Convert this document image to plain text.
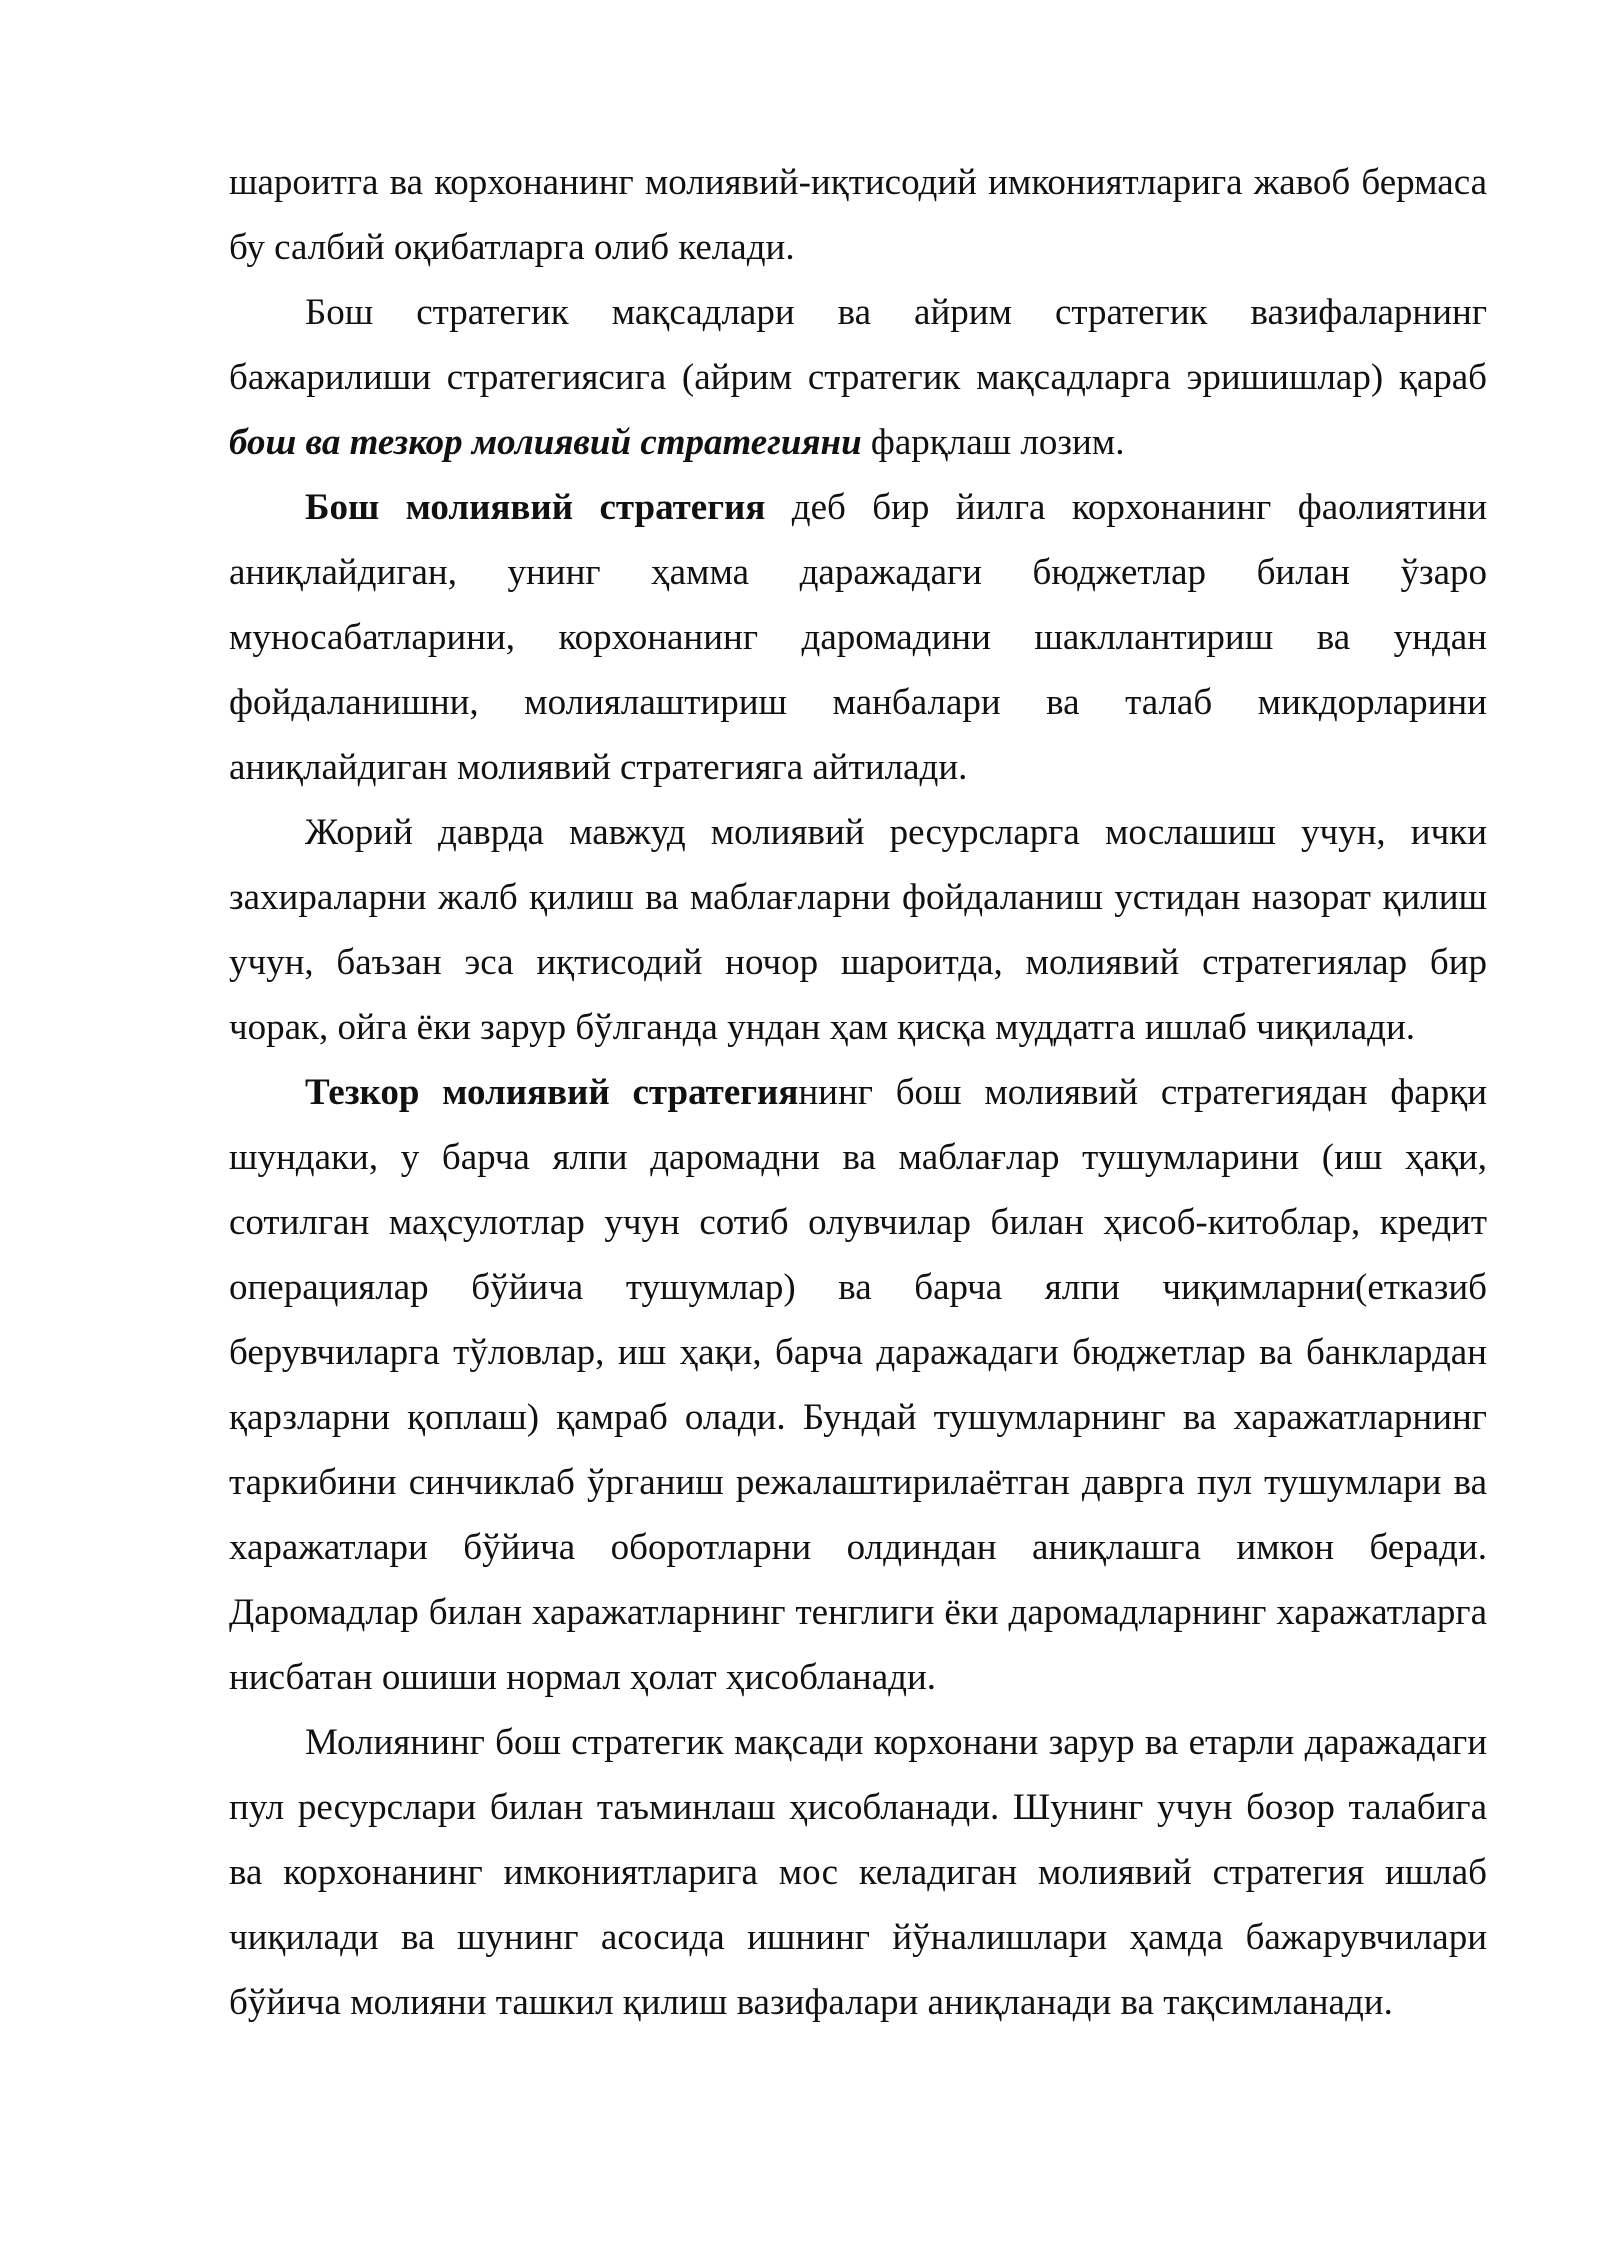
шароитга ва корхонанинг молиявий-иқтисодий имкониятларига жавоб бермаса бу салбий оқибатларга олиб келади.

Бош стратегик мақсадлари ва айрим стратегик вазифаларнинг бажарилиши стратегиясига (айрим стратегик мақсадларга эришишлар) қараб бош ва тезкор молиявий стратегияни фарқлаш лозим.

Бош молиявий стратегия деб бир йилга корхонанинг фаолиятини аниқлайдиган, унинг ҳамма даражадаги бюджетлар билан ўзаро муносабатларини, корхонанинг даромадини шакллантириш ва ундан фойдаланишни, молиялаштириш манбалари ва талаб микдорларини аниқлайдиган молиявий стратегияга айтилади.

Жорий даврда мавжуд молиявий ресурсларга мослашиш учун, ички захираларни жалб қилиш ва маблағларни фойдаланиш устидан назорат қилиш учун, баъзан эса иқтисодий ночор шароитда, молиявий стратегиялар бир чорак, ойга ёки зарур бўлганда ундан ҳам қисқа муддатга ишлаб чиқилади.

Тезкор молиявий стратегиянинг бош молиявий стратегиядан фарқи шундаки, у барча ялпи даромадни ва маблағлар тушумларини (иш ҳақи, сотилган маҳсулотлар учун сотиб олувчилар билан ҳисоб-китоблар, кредит операциялар бўйича тушумлар) ва барча ялпи чиқимларни(етказиб берувчиларга тўловлар, иш ҳақи, барча даражадаги бюджетлар ва банклардан қарзларни қоплаш) қамраб олади. Бундай тушумларнинг ва харажатларнинг таркибини синчиклаб ўрганиш режалаштирилаётган даврга пул тушумлари ва харажатлари бўйича оборотларни олдиндан аниқлашга имкон беради. Даромадлар билан харажатларнинг тенглиги ёки даромадларнинг харажатларга нисбатан ошиши нормал ҳолат ҳисобланади.

Молиянинг бош стратегик мақсади корхонани зарур ва етарли даражадаги пул ресурслари билан таъминлаш ҳисобланади. Шунинг учун бозор талабига ва корхонанинг имкониятларига мос келадиган молиявий стратегия ишлаб чиқилади ва шунинг асосида ишнинг йўналишлари ҳамда бажарувчилари бўйича молияни ташкил қилиш вазифалари аниқланади ва тақсимланади.
